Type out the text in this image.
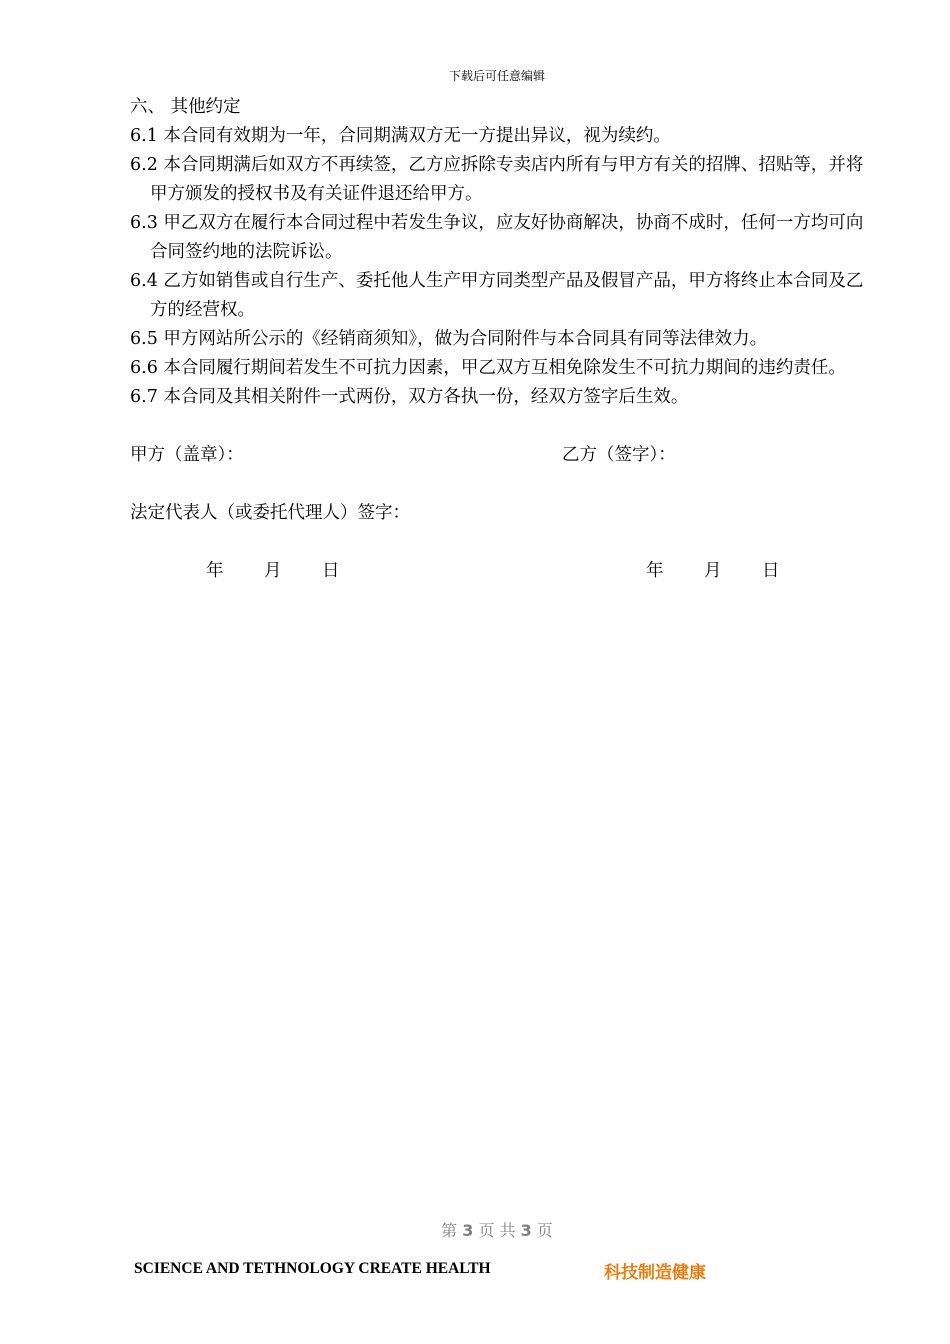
下载后可任意编辑

六、 其他约定

6.1 本合同有效期为一年，合同期满双方无一方提出异议，视为续约。

6.2 本合同期满后如双方不再续签，乙方应拆除专卖店内所有与甲方有关的招牌、招贴等，并将甲方颁发的授权书及有关证件退还给甲方。

6.3 甲乙双方在履行本合同过程中若发生争议，应友好协商解决，协商不成时，任何一方均可向合同签约地的法院诉讼。

6.4 乙方如销售或自行生产、委托他人生产甲方同类型产品及假冒产品，甲方将终止本合同及乙方的经营权。

6.5 甲方网站所公示的《经销商须知》，做为合同附件与本合同具有同等法律效力。

6.6 本合同履行期间若发生不可抗力因素，甲乙双方互相免除发生不可抗力期间的违约责任。

6.7 本合同及其相关附件一式两份，双方各执一份，经双方签字后生效。

甲方（盖章）：	乙方（签字）：

法定代表人（或委托代理人）签字：

年 月 日	年 月 日
第 3 页 共 3 页
SCIENCE AND TETHNOLOGY CREATE HEALTH	科技制造健康
